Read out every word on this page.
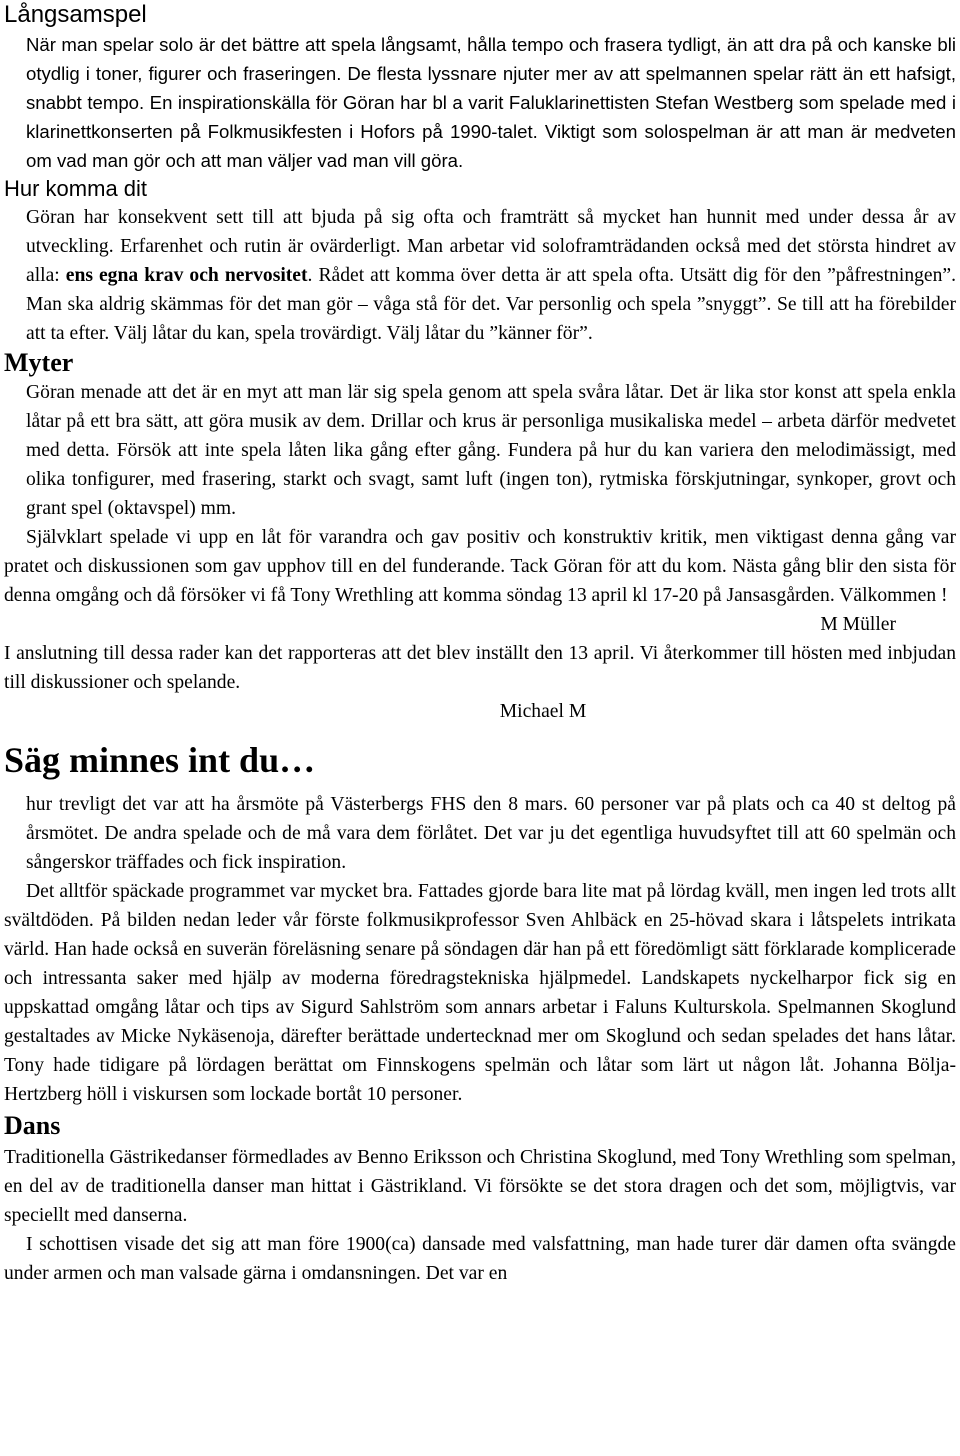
Långsamspel

När man spelar solo är det bättre att spela långsamt, hålla tempo och frasera tydligt, än att dra på och kanske bli otydlig i toner, figurer och fraseringen. De flesta lyssnare njuter mer av att spelmannen spelar rätt än ett hafsigt, snabbt tempo. En inspirationskälla för Göran har bl a varit Faluklarinettisten Stefan Westberg som spelade med i klarinettkonserten på Folkmusikfesten i Hofors på 1990-talet. Viktigt som solospelman är att man är medveten om vad man gör och att man väljer vad man vill göra.

Hur komma dit

Göran har konsekvent sett till att bjuda på sig ofta och framträtt så mycket han hunnit med under dessa år av utveckling. Erfarenhet och rutin är ovärderligt. Man arbetar vid soloframträdanden också med det största hindret av alla: ens egna krav och nervositet. Rådet att komma över detta är att spela ofta. Utsätt dig för den ”påfrestningen”. Man ska aldrig skämmas för det man gör – våga stå för det. Var personlig och spela ”snyggt”. Se till att ha förebilder att ta efter. Välj låtar du kan, spela trovärdigt. Välj låtar du ”känner för”.

Myter

Göran menade att det är en myt att man lär sig spela genom att spela svåra låtar. Det är lika stor konst att spela enkla låtar på ett bra sätt, att göra musik av dem. Drillar och krus är personliga musikaliska medel – arbeta därför medvetet med detta. Försök att inte spela låten lika gång efter gång. Fundera på hur du kan variera den melodimässigt, med olika tonfigurer, med frasering, starkt och svagt, samt luft (ingen ton), rytmiska förskjutningar, synkoper, grovt och grant spel (oktavspel) mm.

Självklart spelade vi upp en låt för varandra och gav positiv och konstruktiv kritik, men viktigast denna gång var pratet och diskussionen som gav upphov till en del funderande. Tack Göran för att du kom. Nästa gång blir den sista för denna omgång och då försöker vi få Tony Wrethling att komma söndag 13 april kl 17-20 på Jansasgården. Välkommen !
M Müller

I anslutning till dessa rader kan det rapporteras att det blev inställt den 13 april. Vi återkommer till hösten med inbjudan till diskussioner och spelande.

Michael M

Säg minnes int du…

hur trevligt det var att ha årsmöte på Västerbergs FHS den 8 mars. 60 personer var på plats och ca 40 st deltog på årsmötet. De andra spelade och de må vara dem förlåtet. Det var ju det egentliga huvudsyftet till att 60 spelmän och sångerskor träffades och fick inspiration.

Det alltför späckade programmet var mycket bra. Fattades gjorde bara lite mat på lördag kväll, men ingen led trots allt svältdöden. På bilden nedan leder vår förste folkmusikprofessor Sven Ahlbäck en 25-hövad skara i låtspelets intrikata värld. Han hade också en suverän föreläsning senare på söndagen där han på ett föredömligt sätt förklarade komplicerade och intressanta saker med hjälp av moderna föredragstekniska hjälpmedel. Landskapets nyckelharpor fick sig en uppskattad omgång låtar och tips av Sigurd Sahlström som annars arbetar i Faluns Kulturskola. Spelmannen Skoglund gestaltades av Micke Nykäsenoja, därefter berättade undertecknad mer om Skoglund och sedan spelades det hans låtar. Tony hade tidigare på lördagen berättat om Finnskogens spelmän och låtar som lärt ut någon låt. Johanna Bölja-Hertzberg höll i viskursen som lockade bortåt 10 personer.

Dans

Traditionella Gästrikedanser förmedlades av Benno Eriksson och Christina Skoglund, med Tony Wrethling som spelman, en del av de traditionella danser man hittat i Gästrikland. Vi försökte se det stora dragen och det som, möjligtvis, var speciellt med danserna.

I schottisen visade det sig att man före 1900(ca) dansade med valsfattning, man hade turer där damen ofta svängde under armen och man valsade gärna i omdansningen. Det var en
